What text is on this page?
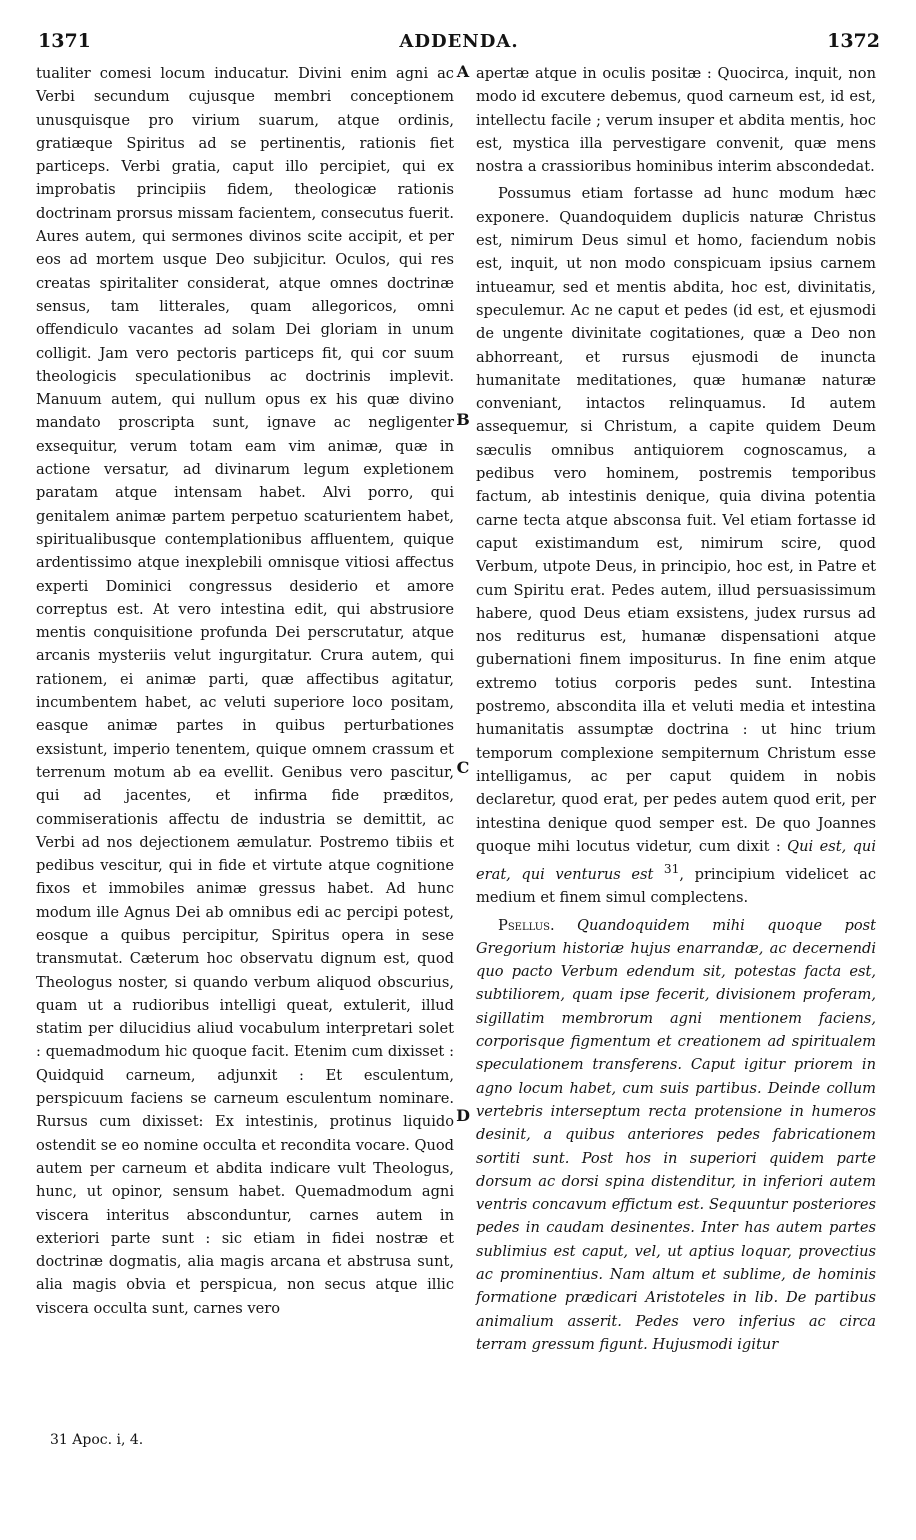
1371	ADDENDA.	1372
A
B
C
D

tualiter comesi locum inducatur. Divini enim agni ac Verbi secundum cujusque membri conceptionem unusquisque pro virium suarum, atque ordinis, gratiæque Spiritus ad se pertinentis, rationis fiet particeps. Verbi gratia, caput illo percipiet, qui ex improbatis principiis fidem, theologicæ rationis doctrinam prorsus missam facientem, consecutus fuerit. Aures autem, qui sermones divinos scite accipit, et per eos ad mortem usque Deo subjicitur. Oculos, qui res creatas spiritaliter considerat, atque omnes doctrinæ sensus, tam litterales, quam allegoricos, omni offendiculo vacantes ad solam Dei gloriam in unum colligit. Jam vero pectoris particeps fit, qui cor suum theologicis speculationibus ac doctrinis implevit. Manuum autem, qui nullum opus ex his quæ divino mandato proscripta sunt, ignave ac negligenter exsequitur, verum totam eam vim animæ, quæ in actione versatur, ad divinarum legum expletionem paratam atque intensam habet. Alvi porro, qui genitalem animæ partem perpetuo scaturientem habet, spiritualibusque contemplationibus affluentem, quique ardentissimo atque inexplebili omnisque vitiosi affectus experti Dominici congressus desiderio et amore correptus est. At vero intestina edit, qui abstrusiore mentis conquisitione profunda Dei perscrutatur, atque arcanis mysteriis velut ingurgitatur. Crura autem, qui rationem, ei animæ parti, quæ affectibus agitatur, incumbentem habet, ac veluti superiore loco positam, easque animæ partes in quibus perturbationes exsistunt, imperio tenentem, quique omnem crassum et terrenum motum ab ea evellit. Genibus vero pascitur, qui ad jacentes, et infirma fide præditos, commiserationis affectu de industria se demittit, ac Verbi ad nos dejectionem æmulatur. Postremo tibiis et pedibus vescitur, qui in fide et virtute atque cognitione fixos et immobiles animæ gressus habet. Ad hunc modum ille Agnus Dei ab omnibus edi ac percipi potest, eosque a quibus percipitur, Spiritus opera in sese transmutat. Cæterum hoc observatu dignum est, quod Theologus noster, si quando verbum aliquod obscurius, quam ut a rudioribus intelligi queat, extulerit, illud statim per dilucidius aliud vocabulum interpretari solet : quemadmodum hic quoque facit. Etenim cum dixisset : Quidquid carneum, adjunxit : Et esculentum, perspicuum faciens se carneum esculentum nominare. Rursus cum dixisset: Ex intestinis, protinus liquido ostendit se eo nomine occulta et recondita vocare. Quod autem per carneum et abdita indicare vult Theologus, hunc, ut opinor, sensum habet. Quemadmodum agni viscera interitus absconduntur, carnes autem in exteriori parte sunt : sic etiam in fidei nostræ et doctrinæ dogmatis, alia magis arcana et abstrusa sunt, alia magis obvia et perspicua, non secus atque illic viscera occulta sunt, carnes vero

apertæ atque in oculis positæ : Quocirca, inquit, non modo id excutere debemus, quod carneum est, id est, intellectu facile ; verum insuper et abdita mentis, hoc est, mystica illa pervestigare convenit, quæ mens nostra a crassioribus hominibus interim abscondedat.

Possumus etiam fortasse ad hunc modum hæc exponere. Quandoquidem duplicis naturæ Christus est, nimirum Deus simul et homo, faciendum nobis est, inquit, ut non modo conspicuam ipsius carnem intueamur, sed et mentis abdita, hoc est, divinitatis, speculemur. Ac ne caput et pedes (id est, et ejusmodi de ungente divinitate cogitationes, quæ a Deo non abhorreant, et rursus ejusmodi de inuncta humanitate meditationes, quæ humanæ naturæ conveniant, intactos relinquamus. Id autem assequemur, si Christum, a capite quidem Deum sæculis omnibus antiquiorem cognoscamus, a pedibus vero hominem, postremis temporibus factum, ab intestinis denique, quia divina potentia carne tecta atque absconsa fuit. Vel etiam fortasse id caput existimandum est, nimirum scire, quod Verbum, utpote Deus, in principio, hoc est, in Patre et cum Spiritu erat. Pedes autem, illud persuasissimum habere, quod Deus etiam exsistens, judex rursus ad nos rediturus est, humanæ dispensationi atque gubernationi finem impositurus. In fine enim atque extremo totius corporis pedes sunt. Intestina postremo, abscondita illa et veluti media et intestina humanitatis assumptæ doctrina : ut hinc trium temporum complexione sempiternum Christum esse intelligamus, ac per caput quidem in nobis declaretur, quod erat, per pedes autem quod erit, per intestina denique quod semper est. De quo Joannes quoque mihi locutus videtur, cum dixit : Qui est, qui erat, qui venturus est $^{31}$, principium videlicet ac medium et finem simul complectens.

Psellus. Quandoquidem mihi quoque post Gregorium historiæ hujus enarrandæ, ac decernendi quo pacto Verbum edendum sit, potestas facta est, subtiliorem, quam ipse fecerit, divisionem proferam, sigillatim membrorum agni mentionem faciens, corporisque figmentum et creationem ad spiritualem speculationem transferens. Caput igitur priorem in agno locum habet, cum suis partibus. Deinde collum vertebris interseptum recta protensione in humeros desinit, a quibus anteriores pedes fabricationem sortiti sunt. Post hos in superiori quidem parte dorsum ac dorsi spina distenditur, in inferiori autem ventris concavum effictum est. Sequuntur posteriores pedes in caudam desinentes. Inter has autem partes sublimius est caput, vel, ut aptius loquar, provectius ac prominentius. Nam altum et sublime, de hominis formatione prædicari Aristoteles in lib. De partibus animalium asserit. Pedes vero inferius ac circa terram gressum figunt. Hujusmodi igitur

31 Apoc. i, 4.
